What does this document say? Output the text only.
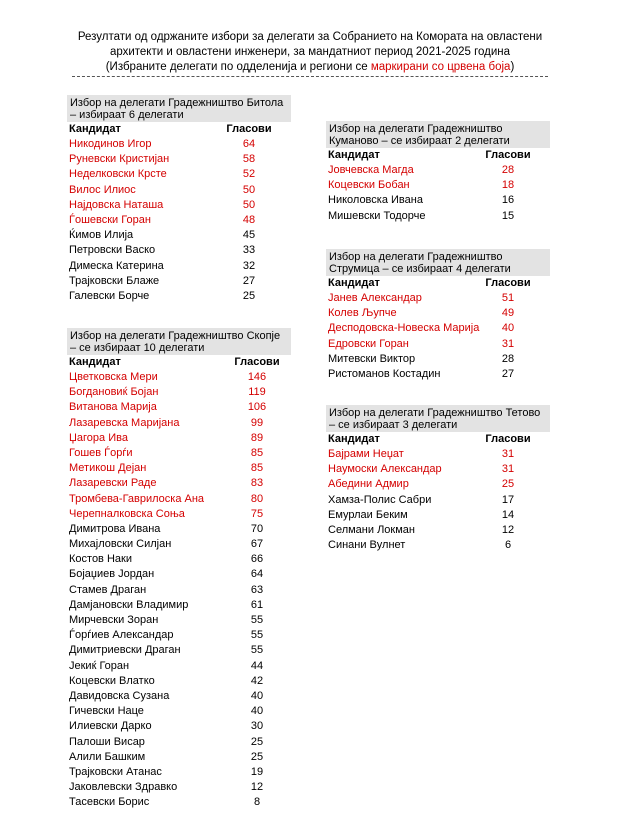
Резултати од одржаните избори за делегати за Собранието на Комората на овластени
архитекти и овластени инженери, за мандатниот период 2021-2025 година
(Избраните делегати по одделенија и региони се маркирани со црвена боја)
Избор на делегати Градежништво Битола – избираат 6 делегати
Кандидат	Гласови
Никодинов Игор	64
Руневски Кристијан	58
Неделковски Крсте	52
Вилос Илиос	50
Најдовска Наташа	50
Ѓошевски Горан	48
Ќимов Илија	45
Петровски Васко	33
Димеска Катерина	32
Трајковски Блаже	27
Галевски Борче	25
Избор на делегати Градежништво Скопје – се избираат 10 делегати
Кандидат	Гласови
Цветковска Мери	146
Богдановиќ Бојан	119
Витанова Марија	106
Лазаревска Маријана	99
Џагора Ива	89
Гошев Ѓорѓи	85
Метикош Дејан	85
Лазаревски Раде	83
Тромбева-Гаврилоска Ана	80
Черепналковска Соња	75
Димитрова Ивана	70
Михајловски Силјан	67
Костов Наки	66
Бојаџиев Јордан	64
Стамев Драган	63
Дамјановски Владимир	61
Мирчевски Зоран	55
Ѓорѓиев Александар	55
Димитриевски Драган	55
Јекиќ Горан	44
Коцевски Влатко	42
Давидовска Сузана	40
Гичевски Наце	40
Илиевски Дарко	30
Палоши Висар	25
Алили Башким	25
Трајковски Атанас	19
Јаковлевски Здравко	12
Тасевски Борис	8
Избор на делегати Градежништво Куманово – се избираат 2 делегати
Кандидат	Гласови
Јовчевска Магда	28
Коцевски Бобан	18
Николовска Ивана	16
Мишевски Тодорче	15
Избор на делегати Градежништво Струмица – се избираат 4 делегати
Кандидат	Гласови
Јанев Александар	51
Колев Љупче	49
Десподовска-Новеска Марија	40
Едровски Горан	31
Митевски Виктор	28
Ристоманов Костадин	27
Избор на делегати Градежништво Тетово – се избираат 3 делегати
Кандидат	Гласови
Бајрами Неџат	31
Наумоски Александар	31
Абедини Адмир	25
Хамза-Полис Сабри	17
Емурлаи Беким	14
Селмани Локман	12
Синани Вулнет	6
